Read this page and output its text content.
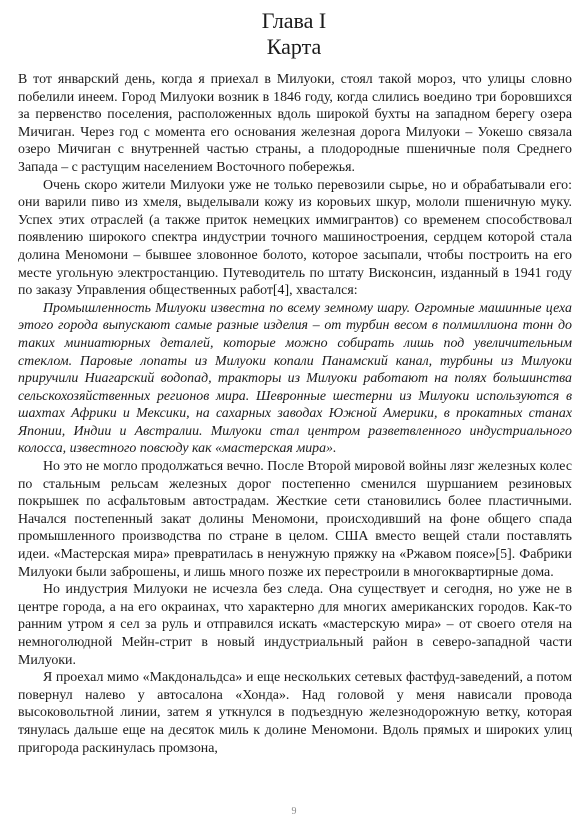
Глава I
Карта

В тот январский день, когда я приехал в Милуоки, стоял такой мороз, что улицы словно побелили инеем. Город Милуоки возник в 1846 году, когда слились воедино три боровшихся за первенство поселения, расположенных вдоль широкой бухты на западном берегу озера Мичиган. Через год с момента его основания железная дорога Милуоки – Уокешо связала озеро Мичиган с внутренней частью страны, а плодородные пшеничные поля Среднего Запада – с растущим населением Восточного побережья.

Очень скоро жители Милуоки уже не только перевозили сырье, но и обрабатывали его: они варили пиво из хмеля, выделывали кожу из коровьих шкур, мололи пшеничную муку. Успех этих отраслей (а также приток немецких иммигрантов) со временем способствовал появлению широкого спектра индустрии точного машиностроения, сердцем которой стала долина Меномони – бывшее зловонное болото, которое засыпали, чтобы построить на его месте угольную электростанцию. Путеводитель по штату Висконсин, изданный в 1941 году по заказу Управления общественных работ[4], хвастался:

Промышленность Милуоки известна по всему земному шару. Огромные машинные цеха этого города выпускают самые разные изделия – от турбин весом в полмиллиона тонн до таких миниатюрных деталей, которые можно собирать лишь под увеличительным стеклом. Паровые лопаты из Милуоки копали Панамский канал, турбины из Милуоки приручили Ниагарский водопад, тракторы из Милуоки работают на полях большинства сельскохозяйственных регионов мира. Шевронные шестерни из Милуоки используются в шахтах Африки и Мексики, на сахарных заводах Южной Америки, в прокатных станах Японии, Индии и Австралии. Милуоки стал центром разветвленного индустриального колосса, известного повсюду как «мастерская мира».

Но это не могло продолжаться вечно. После Второй мировой войны лязг железных колес по стальным рельсам железных дорог постепенно сменился шуршанием резиновых покрышек по асфальтовым автострадам. Жесткие сети становились более пластичными. Начался постепенный закат долины Меномони, происходивший на фоне общего спада промышленного производства по стране в целом. США вместо вещей стали поставлять идеи. «Мастерская мира» превратилась в ненужную пряжку на «Ржавом поясе»[5]. Фабрики Милуоки были заброшены, и лишь много позже их перестроили в многоквартирные дома.

Но индустрия Милуоки не исчезла без следа. Она существует и сегодня, но уже не в центре города, а на его окраинах, что характерно для многих американских городов. Как-то ранним утром я сел за руль и отправился искать «мастерскую мира» – от своего отеля на немноголюдной Мейн-стрит в новый индустриальный район в северо-западной части Милуоки.

Я проехал мимо «Макдональдса» и еще нескольких сетевых фастфуд-заведений, а потом повернул налево у автосалона «Хонда». Над головой у меня нависали провода высоковольтной линии, затем я уткнулся в подъездную железнодорожную ветку, которая тянулась дальше еще на десяток миль к долине Меномони. Вдоль прямых и широких улиц пригорода раскинулась промзона,

9
